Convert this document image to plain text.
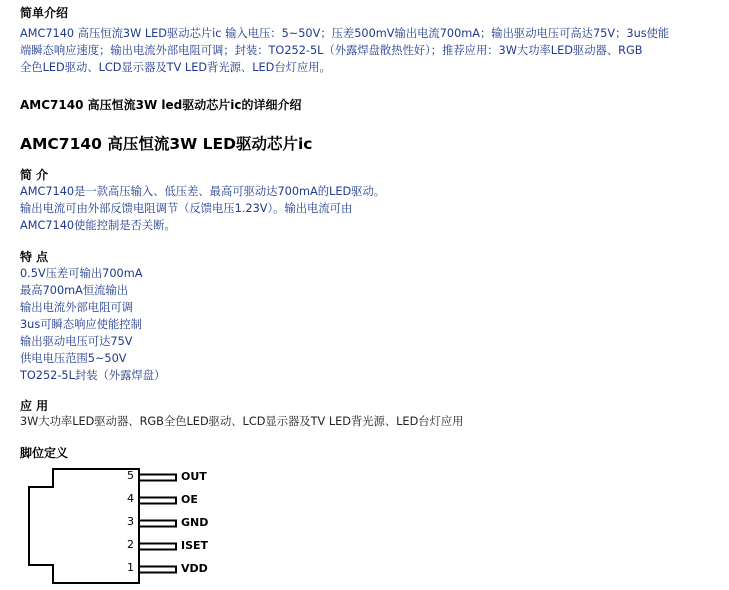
简单介绍
AMC7140 高压恒流3W LED驱动芯片ic 输入电压：5~50V；压差500mV输出电流700mA；输出驱动电压可高达75V；3us使能
端瞬态响应速度；输出电流外部电阻可调；封装：TO252-5L（外露焊盘散热性好）；推荐应用：3W大功率LED驱动器、RGB
全色LED驱动、LCD显示器及TV LED背光源、LED台灯应用。
AMC7140 高压恒流3W led驱动芯片ic的详细介绍
AMC7140 高压恒流3W LED驱动芯片ic
简 介
AMC7140是一款高压输入、低压差、最高可驱动达700mA的LED驱动。
输出电流可由外部反馈电阻调节（反馈电压1.23V）。输出电流可由
AMC7140使能控制是否关断。
特 点
0.5V压差可输出700mA
最高700mA恒流输出
输出电流外部电阻可调
3us可瞬态响应使能控制
输出驱动电压可达75V
供电电压范围5~50V
TO252-5L封装（外露焊盘）
应 用
3W大功率LED驱动器、RGB全色LED驱动、LCD显示器及TV LED背光源、LED台灯应用
脚位定义
5
4
3
2
1
OUT
OE
GND
ISET
VDD
